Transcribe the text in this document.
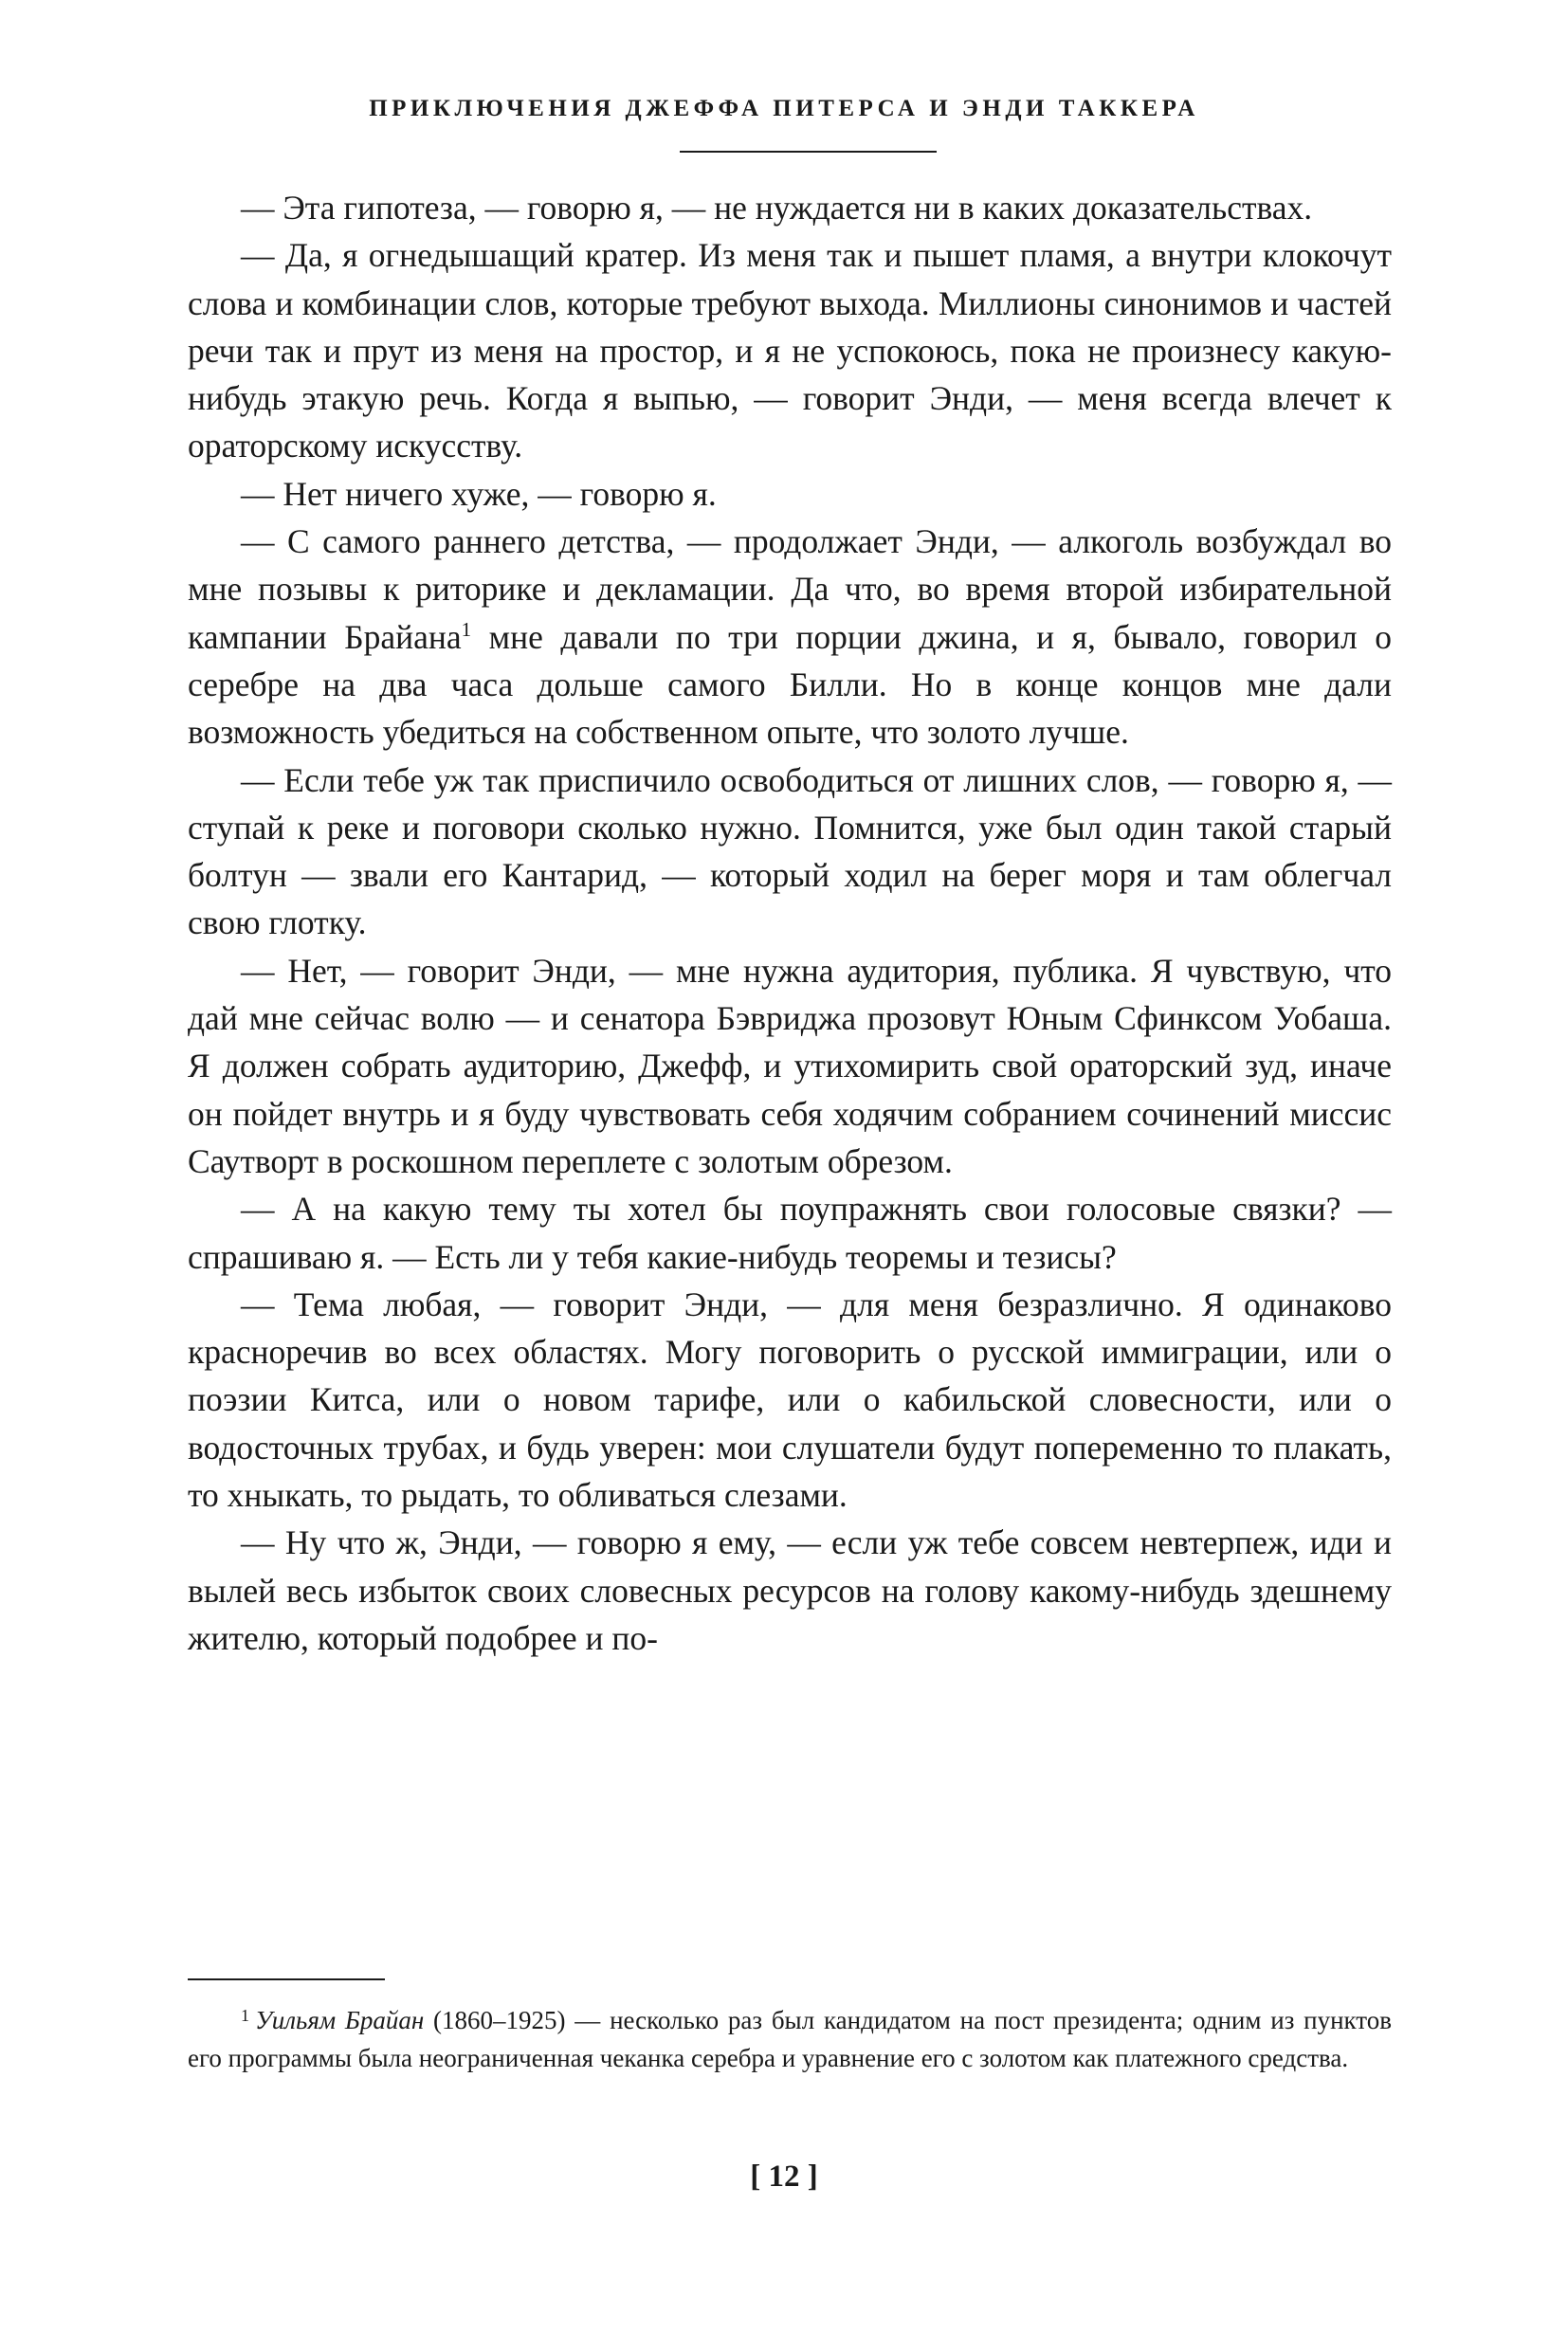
ПРИКЛЮЧЕНИЯ ДЖЕФФА ПИТЕРСА И ЭНДИ ТАККЕРА

— Эта гипотеза, — говорю я, — не нуждается ни в каких доказательствах.

— Да, я огнедышащий кратер. Из меня так и пышет пламя, а внутри клокочут слова и комбинации слов, которые требуют выхода. Миллионы синонимов и частей речи так и прут из меня на простор, и я не успокоюсь, пока не произнесу какую-нибудь этакую речь. Когда я выпью, — говорит Энди, — меня всегда влечет к ораторскому искусству.

— Нет ничего хуже, — говорю я.

— С самого раннего детства, — продолжает Энди, — алкоголь возбуждал во мне позывы к риторике и декламации. Да что, во время второй избирательной кампании Брайана$^1$ мне давали по три порции джина, и я, бывало, говорил о серебре на два часа дольше самого Билли. Но в конце концов мне дали возможность убедиться на собственном опыте, что золото лучше.

— Если тебе уж так приспичило освободиться от лишних слов, — говорю я, — ступай к реке и поговори сколько нужно. Помнится, уже был один такой старый болтун — звали его Кантарид, — который ходил на берег моря и там облегчал свою глотку.

— Нет, — говорит Энди, — мне нужна аудитория, публика. Я чувствую, что дай мне сейчас волю — и сенатора Бэвриджа прозовут Юным Сфинксом Уобаша. Я должен собрать аудиторию, Джефф, и утихомирить свой ораторский зуд, иначе он пойдет внутрь и я буду чувствовать себя ходячим собранием сочинений миссис Саутворт в роскошном переплете с золотым обрезом.

— А на какую тему ты хотел бы поупражнять свои голосовые связки? — спрашиваю я. — Есть ли у тебя какие-нибудь теоремы и тезисы?

— Тема любая, — говорит Энди, — для меня безразлично. Я одинаково красноречив во всех областях. Могу поговорить о русской иммиграции, или о поэзии Китса, или о новом тарифе, или о кабильской словесности, или о водосточных трубах, и будь уверен: мои слушатели будут попеременно то плакать, то хныкать, то рыдать, то обливаться слезами.

— Ну что ж, Энди, — говорю я ему, — если уж тебе совсем невтерпеж, иди и вылей весь избыток своих словесных ресурсов на голову какому-нибудь здешнему жителю, который подобрее и по-

$^1$ Уильям Брайан (1860–1925) — несколько раз был кандидатом на пост президента; одним из пунктов его программы была неограниченная чеканка серебра и уравнение его с золотом как платежного средства.

[ 12 ]
